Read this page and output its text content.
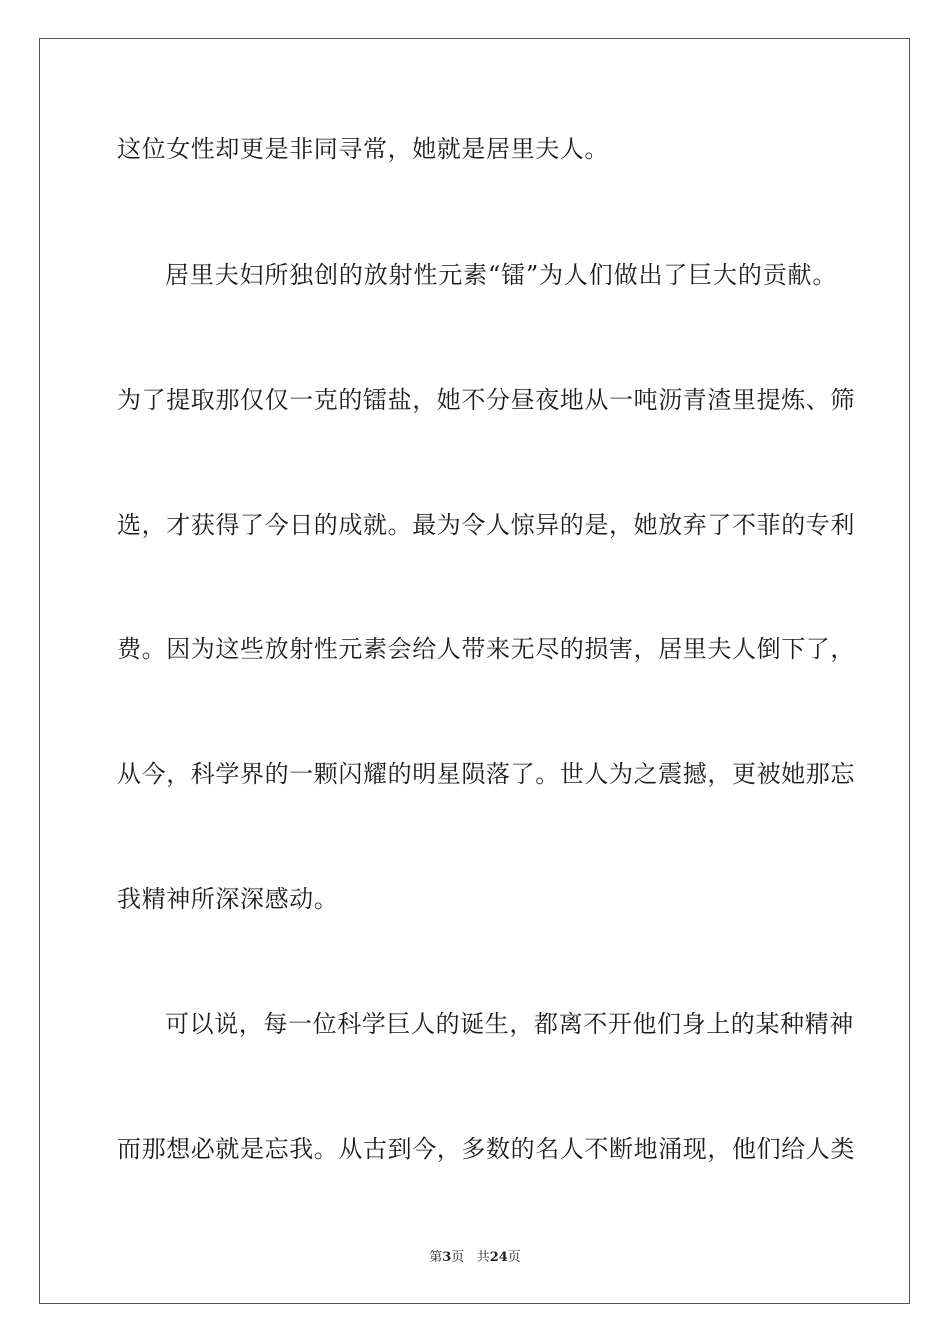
这位女性却更是非同寻常，她就是居里夫人。
居里夫妇所独创的放射性元素“镭”为人们做出了巨大的贡献。
为了提取那仅仅一克的镭盐，她不分昼夜地从一吨沥青渣里提炼、筛
选，才获得了今日的成就。最为令人惊异的是，她放弃了不菲的专利
费。因为这些放射性元素会给人带来无尽的损害，居里夫人倒下了，
从今，科学界的一颗闪耀的明星陨落了。世人为之震撼，更被她那忘
我精神所深深感动。
可以说，每一位科学巨人的诞生，都离不开他们身上的某种精神
而那想必就是忘我。从古到今，多数的名人不断地涌现，他们给人类
第3页 共24页
